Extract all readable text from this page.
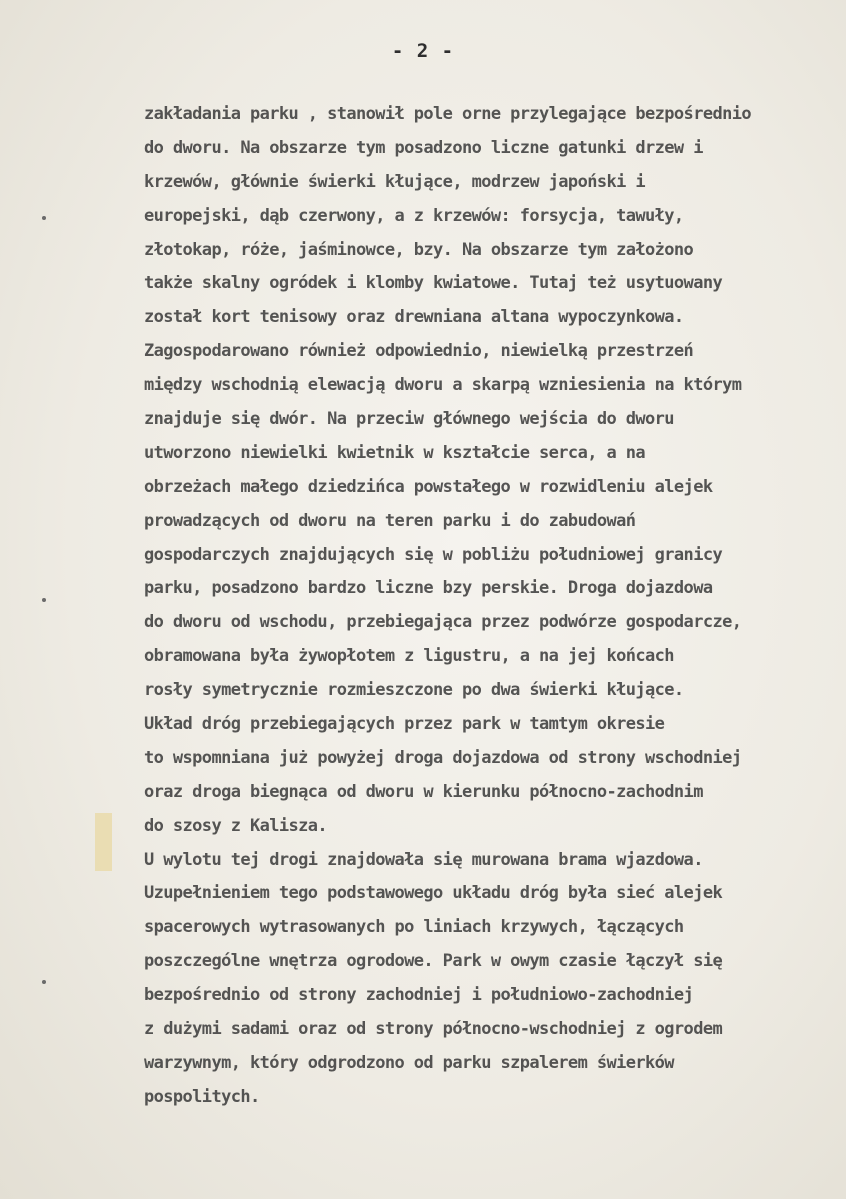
- 2 -
zakładania parku , stanowił pole orne przylegające bezpośrednio
do dworu. Na obszarze tym posadzono liczne gatunki drzew i
krzewów, głównie świerki kłujące, modrzew japoński i
europejski, dąb czerwony, a z krzewów: forsycja, tawuły,
złotokap, róże, jaśminowce, bzy. Na obszarze tym założono
także skalny ogródek i klomby kwiatowe. Tutaj też usytuowany
został kort tenisowy oraz drewniana altana wypoczynkowa.
Zagospodarowano również odpowiednio, niewielką przestrzeń
między wschodnią elewacją dworu a skarpą wzniesienia na którym
znajduje się dwór. Na przeciw głównego wejścia do dworu
utworzono niewielki kwietnik w kształcie serca, a na
obrzeżach małego dziedzińca powstałego w rozwidleniu alejek
prowadzących od dworu na teren parku i do zabudowań
gospodarczych znajdujących się w pobliżu południowej granicy
parku, posadzono bardzo liczne bzy perskie. Droga dojazdowa
do dworu od wschodu, przebiegająca przez podwórze gospodarcze,
obramowana była żywopłotem z ligustru, a na jej końcach
rosły symetrycznie rozmieszczone po dwa świerki kłujące.
Układ dróg przebiegających przez park w tamtym okresie
to wspomniana już powyżej droga dojazdowa od strony wschodniej
oraz droga biegnąca od dworu w kierunku północno-zachodnim
do szosy z Kalisza.
U wylotu tej drogi znajdowała się murowana brama wjazdowa.
Uzupełnieniem tego podstawowego układu dróg była sieć alejek
spacerowych wytrasowanych po liniach krzywych, łączących
poszczególne wnętrza ogrodowe. Park w owym czasie łączył się
bezpośrednio od strony zachodniej i południowo-zachodniej
z dużymi sadami oraz od strony północno-wschodniej z ogrodem
warzywnym, który odgrodzono od parku szpalerem świerków
pospolitych.
